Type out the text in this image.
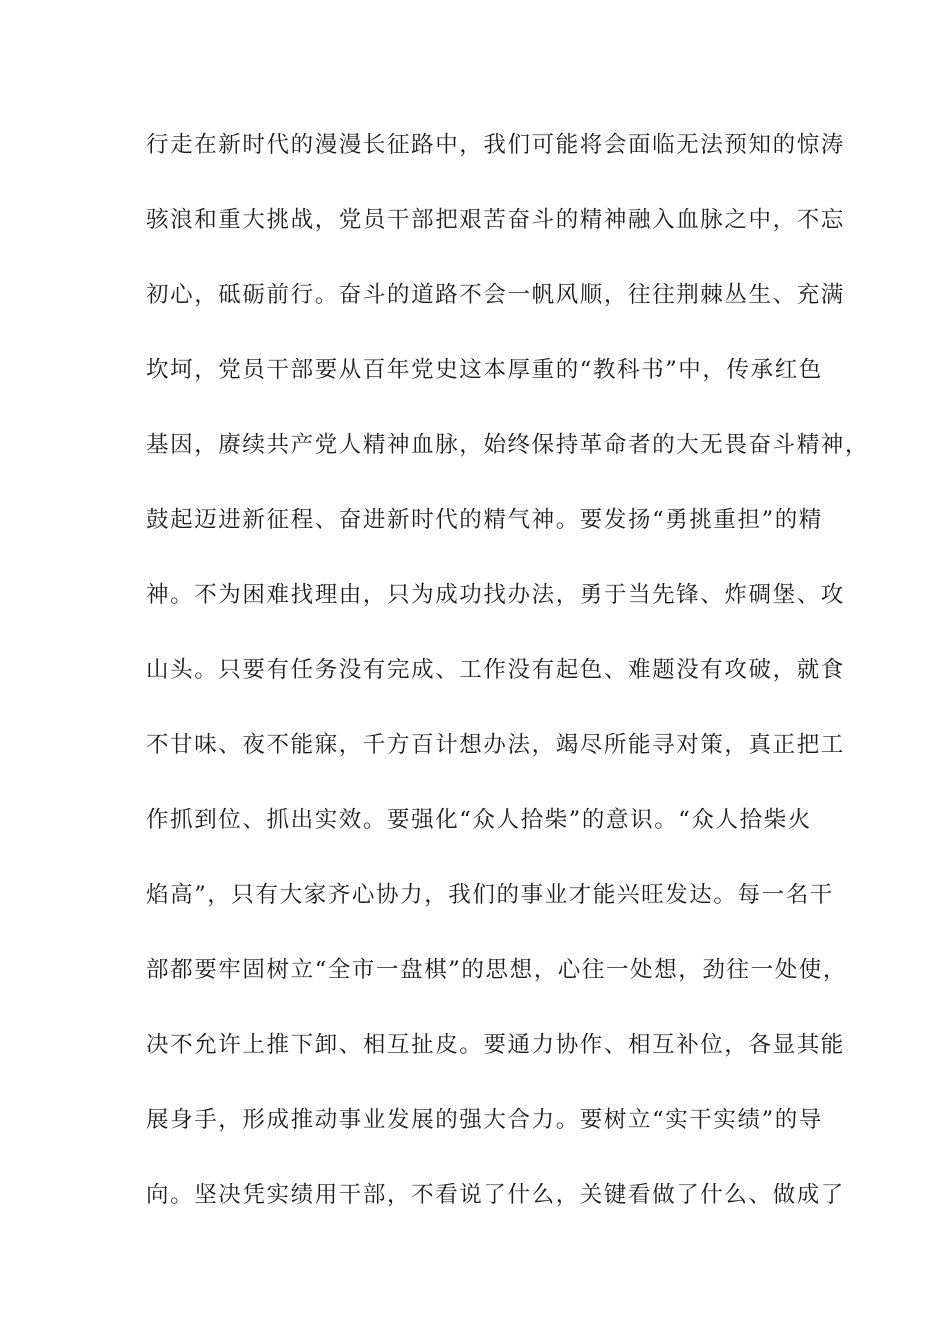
行走在新时代的漫漫长征路中，我们可能将会面临无法预知的惊涛
骇浪和重大挑战，党员干部把艰苦奋斗的精神融入血脉之中，不忘
初心，砥砺前行。奋斗的道路不会一帆风顺，往往荆棘丛生、充满
坎坷，党员干部要从百年党史这本厚重的“教科书”中，传承红色
基因，赓续共产党人精神血脉，始终保持革命者的大无畏奋斗精神，
鼓起迈进新征程、奋进新时代的精气神。要发扬“勇挑重担”的精
神。不为困难找理由，只为成功找办法，勇于当先锋、炸碉堡、攻
山头。只要有任务没有完成、工作没有起色、难题没有攻破，就食
不甘味、夜不能寐，千方百计想办法，竭尽所能寻对策，真正把工
作抓到位、抓出实效。要强化“众人拾柴”的意识。“众人拾柴火
焰高”，只有大家齐心协力，我们的事业才能兴旺发达。每一名干
部都要牢固树立“全市一盘棋”的思想，心往一处想，劲往一处使，
决不允许上推下卸、相互扯皮。要通力协作、相互补位，各显其能
展身手，形成推动事业发展的强大合力。要树立“实干实绩”的导
向。坚决凭实绩用干部，不看说了什么，关键看做了什么、做成了
